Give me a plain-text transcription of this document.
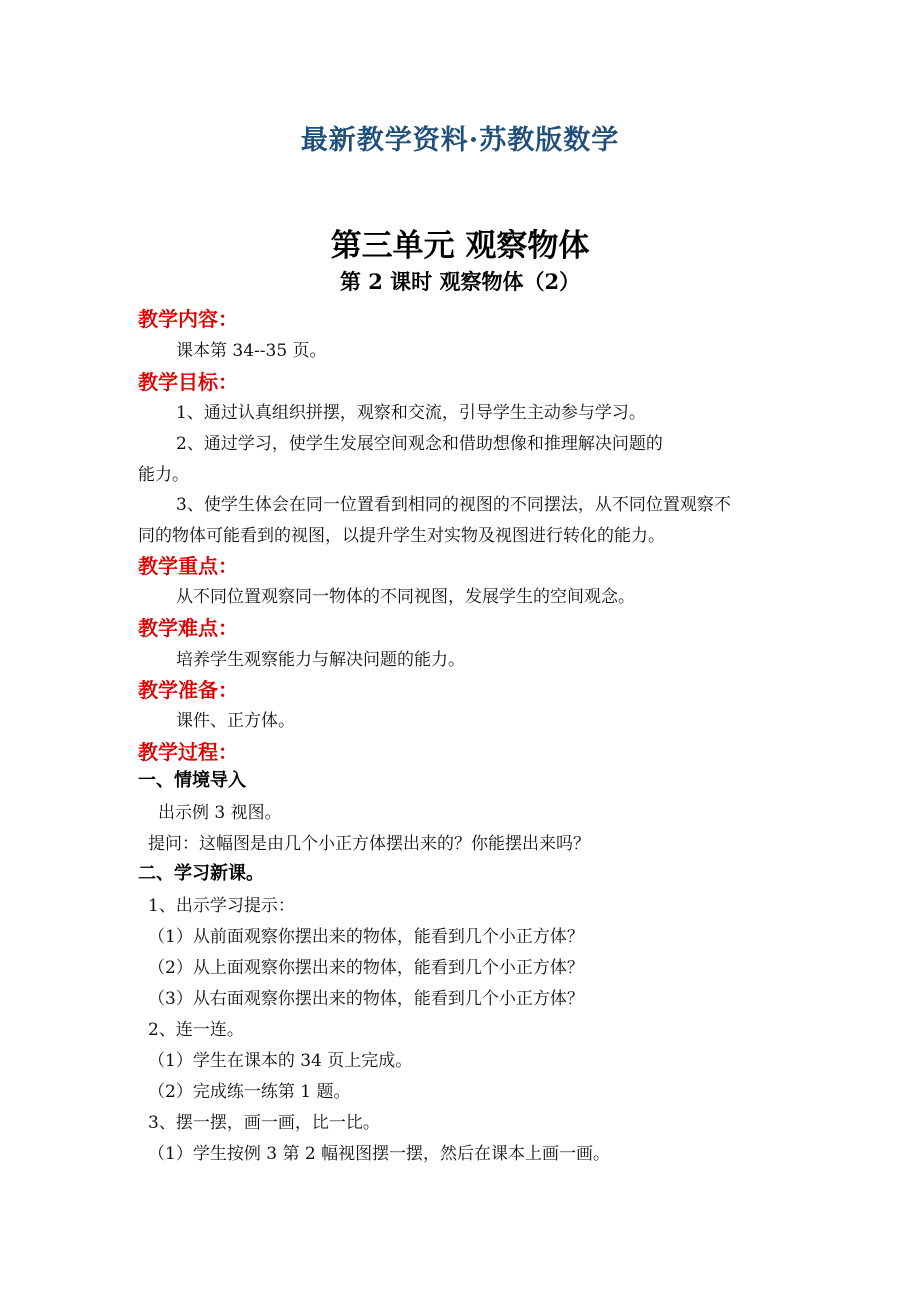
最新教学资料·苏教版数学
第三单元 观察物体
第 2 课时 观察物体（2）
教学内容：
课本第 34--35 页。
教学目标：
1、通过认真组织拼摆，观察和交流，引导学生主动参与学习。
2、通过学习，使学生发展空间观念和借助想像和推理解决问题的
能力。
3、使学生体会在同一位置看到相同的视图的不同摆法，从不同位置观察不
同的物体可能看到的视图，以提升学生对实物及视图进行转化的能力。
教学重点：
从不同位置观察同一物体的不同视图，发展学生的空间观念。
教学难点：
培养学生观察能力与解决问题的能力。
教学准备：
课件、正方体。
教学过程：
一、情境导入
出示例 3 视图。
提问：这幅图是由几个小正方体摆出来的？你能摆出来吗？
二、学习新课。
1、出示学习提示：
（1）从前面观察你摆出来的物体，能看到几个小正方体？
（2）从上面观察你摆出来的物体，能看到几个小正方体？
（3）从右面观察你摆出来的物体，能看到几个小正方体？
2、连一连。
（1）学生在课本的 34 页上完成。
（2）完成练一练第 1 题。
3、摆一摆，画一画，比一比。
（1）学生按例 3 第 2 幅视图摆一摆，然后在课本上画一画。
